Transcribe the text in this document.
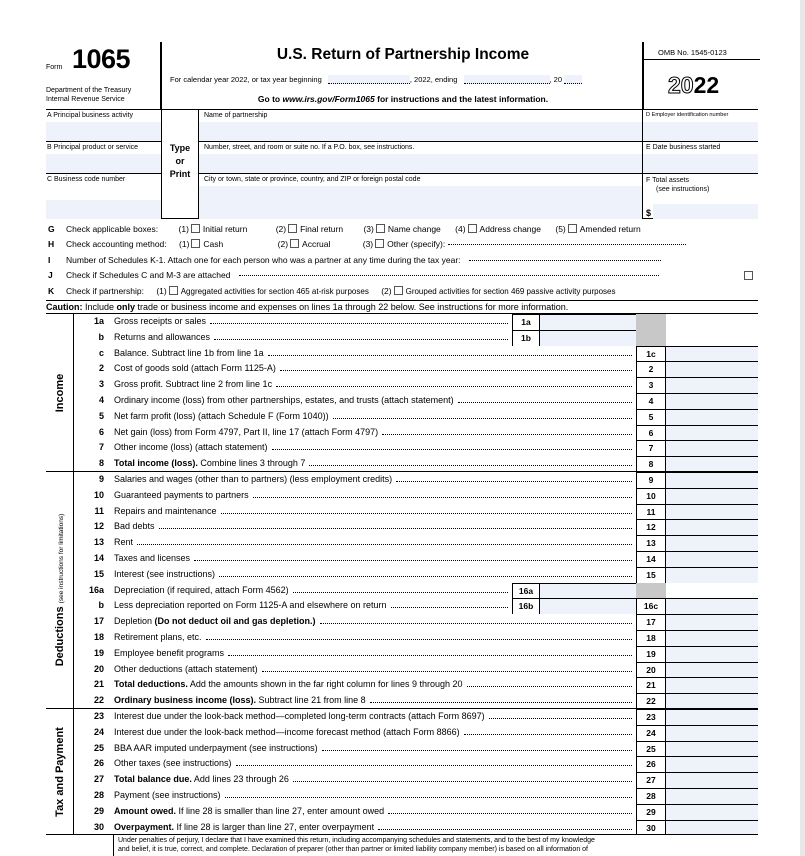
Form 1065
Department of the Treasury
Internal Revenue Service
U.S. Return of Partnership Income
For calendar year 2022, or tax year beginning	, 2022, ending	, 20
Go to www.irs.gov/Form1065 for instructions and the latest information.
OMB No. 1545-0123
2022
A Principal business activity
B Principal product or service
C Business code number
Type
or
Print
Name of partnership
Number, street, and room or suite no. If a P.O. box, see instructions.
City or town, state or province, country, and ZIP or foreign postal code
D Employer identification number
E Date business started
F Total assets
(see instructions)
$
G Check applicable boxes: (1) Initial return	(2) Final return (3) Name change (4) Address change (5) Amended return
H Check accounting method: (1) Cash	(2) Accrual	(3) Other (specify):
I Number of Schedules K-1. Attach one for each person who was a partner at any time during the tax year:
J Check if Schedules C and M-3 are attached
K Check if partnership: (1) Aggregated activities for section 465 at-risk purposes (2) Grouped activities for section 469 passive activity purposes
Caution: Include only trade or business income and expenses on lines 1a through 22 below. See instructions for more information.
Income
Deductions (see instructions for limitations)
Tax and Payment
1a Gross receipts or sales	1a
b Returns and allowances	1b
c Balance. Subtract line 1b from line 1a	1c
2 Cost of goods sold (attach Form 1125-A)	2
3 Gross profit. Subtract line 2 from line 1c	3
4 Ordinary income (loss) from other partnerships, estates, and trusts (attach statement)	4
5 Net farm profit (loss) (attach Schedule F (Form 1040))	5
6 Net gain (loss) from Form 4797, Part II, line 17 (attach Form 4797)	6
7 Other income (loss) (attach statement)	7
8 Total income (loss). Combine lines 3 through 7	8
9 Salaries and wages (other than to partners) (less employment credits)	9
10 Guaranteed payments to partners	10
11 Repairs and maintenance	11
12 Bad debts	12
13 Rent	13
14 Taxes and licenses	14
15 Interest (see instructions)	15
16a Depreciation (if required, attach Form 4562)	16a
b Less depreciation reported on Form 1125-A and elsewhere on return	16b	16c
17 Depletion (Do not deduct oil and gas depletion.)	17
18 Retirement plans, etc.	18
19 Employee benefit programs	19
20 Other deductions (attach statement)	20
21 Total deductions. Add the amounts shown in the far right column for lines 9 through 20	21
22 Ordinary business income (loss). Subtract line 21 from line 8	22
23 Interest due under the look-back method—completed long-term contracts (attach Form 8697)	23
24 Interest due under the look-back method—income forecast method (attach Form 8866)	24
25 BBA AAR imputed underpayment (see instructions)	25
26 Other taxes (see instructions)	26
27 Total balance due. Add lines 23 through 26	27
28 Payment (see instructions)	28
29 Amount owed. If line 28 is smaller than line 27, enter amount owed	29
30 Overpayment. If line 28 is larger than line 27, enter overpayment	30
Under penalties of perjury, I declare that I have examined this return, including accompanying schedules and statements, and to the best of my knowledge
and belief, it is true, correct, and complete. Declaration of preparer (other than partner or limited liability company member) is based on all information of
